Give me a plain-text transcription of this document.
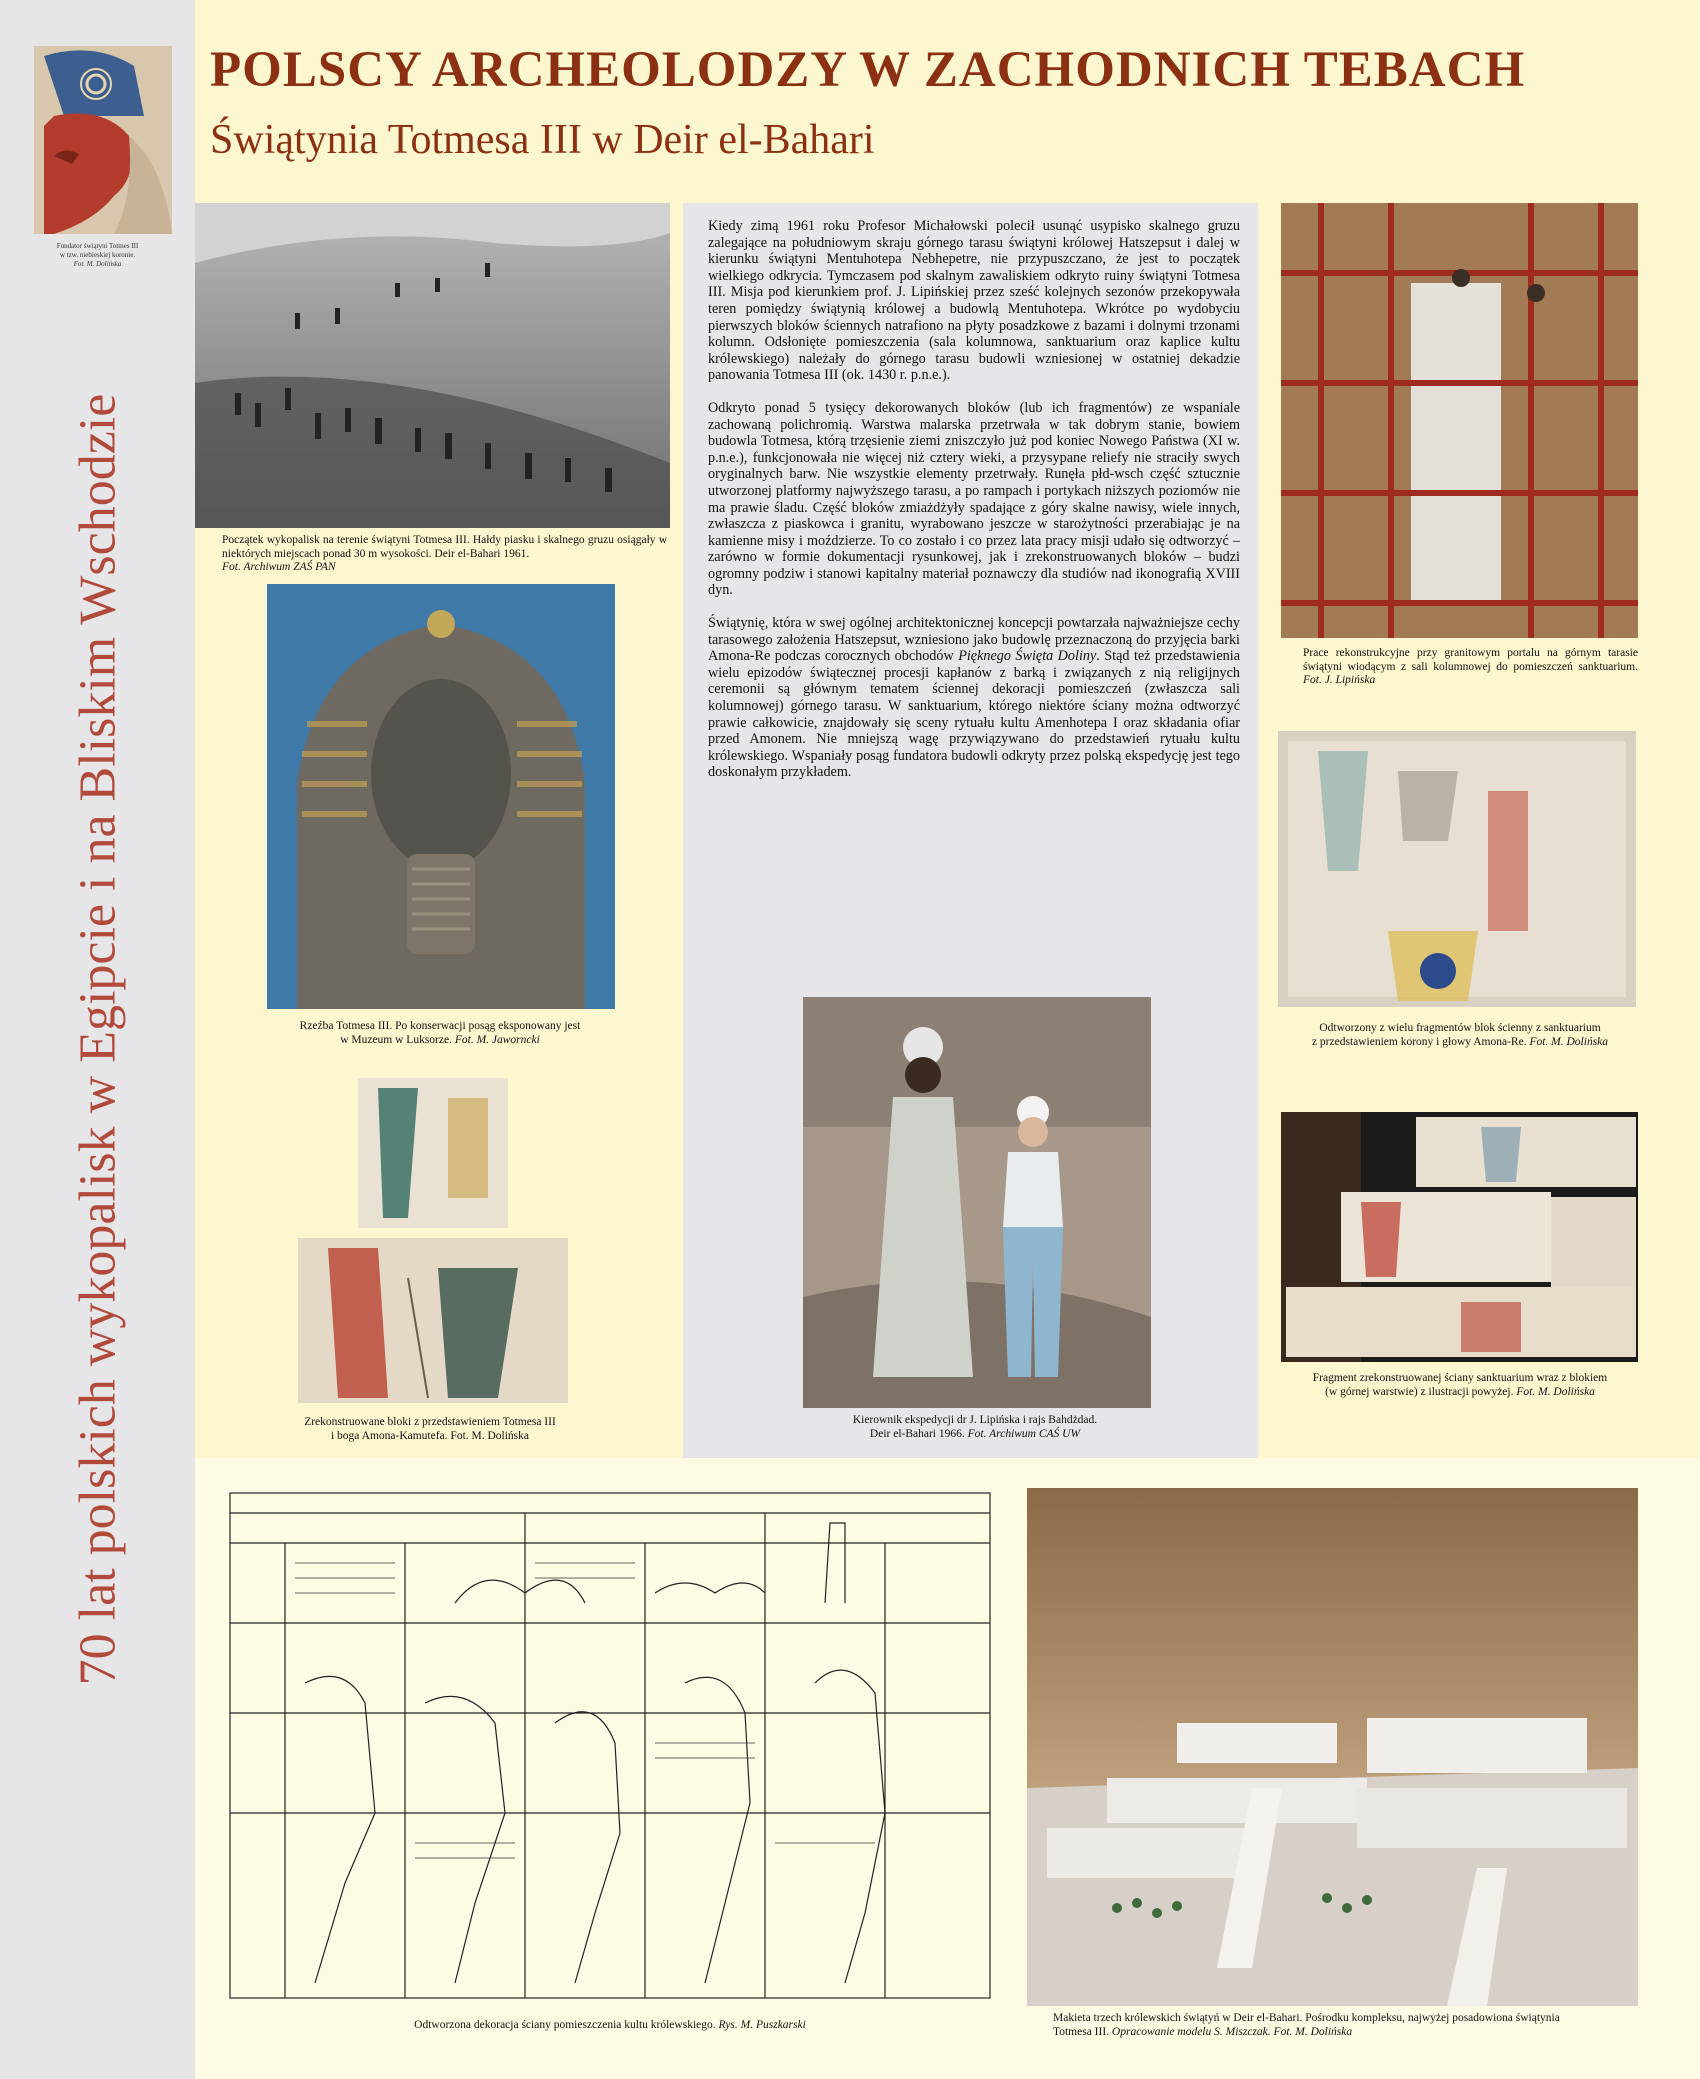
Fundator świątyni Totmes III
w tzw. niebieskiej koronie.
Fot. M. Dolińska
70 lat polskich wykopalisk w Egipcie i na Bliskim Wschodzie
POLSCY ARCHEOLODZY W ZACHODNICH TEBACH
Świątynia Totmesa III w Deir el-Bahari

Kiedy zimą 1961 roku Profesor Michałowski polecił usunąć usypisko skalnego gruzu zalegające na południowym skraju górnego tarasu świątyni królowej Hatszepsut i dalej w kierunku świątyni Mentuhotepa Nebhepetre, nie przypuszczano, że jest to początek wielkiego odkrycia. Tymczasem pod skalnym zawaliskiem odkryto ruiny świątyni Totmesa III. Misja pod kierunkiem prof. J. Lipińskiej przez sześć kolejnych sezonów przekopywała teren pomiędzy świątynią królowej a budowlą Mentuhotepa. Wkrótce po wydobyciu pierwszych bloków ściennych natrafiono na płyty posadzkowe z bazami i dolnymi trzonami kolumn. Odsłonięte pomieszczenia (sala kolumnowa, sanktuarium oraz kaplice kultu królewskiego) należały do górnego tarasu budowli wzniesionej w ostatniej dekadzie panowania Totmesa III (ok. 1430 r. p.n.e.).

Odkryto ponad 5 tysięcy dekorowanych bloków (lub ich fragmentów) ze wspaniale zachowaną polichromią. Warstwa malarska przetrwała w tak dobrym stanie, bowiem budowla Totmesa, którą trzęsienie ziemi zniszczyło już pod koniec Nowego Państwa (XI w. p.n.e.), funkcjonowała nie więcej niż cztery wieki, a przysypane reliefy nie straciły swych oryginalnych barw. Nie wszystkie elementy przetrwały. Runęła płd-wsch część sztucznie utworzonej platformy najwyższego tarasu, a po rampach i portykach niższych poziomów nie ma prawie śladu. Część bloków zmiażdżyły spadające z góry skalne nawisy, wiele innych, zwłaszcza z piaskowca i granitu, wyrabowano jeszcze w starożytności przerabiając je na kamienne misy i moździerze. To co zostało i co przez lata pracy misji udało się odtworzyć – zarówno w formie dokumentacji rysunkowej, jak i zrekonstruowanych bloków – budzi ogromny podziw i stanowi kapitalny materiał poznawczy dla studiów nad ikonografią XVIII dyn.

Świątynię, która w swej ogólnej architektonicznej koncepcji powtarzała najważniejsze cechy tarasowego założenia Hatszepsut, wzniesiono jako budowlę przeznaczoną do przyjęcia barki Amona-Re podczas corocznych obchodów Pięknego Święta Doliny. Stąd też przedstawienia wielu epizodów świątecznej procesji kapłanów z barką i związanych z nią religijnych ceremonii są głównym tematem ściennej dekoracji pomieszczeń (zwłaszcza sali kolumnowej) górnego tarasu. W sanktuarium, którego niektóre ściany można odtworzyć prawie całkowicie, znajdowały się sceny rytuału kultu Amenhotepa I oraz składania ofiar przed Amonem. Nie mniejszą wagę przywiązywano do przedstawień rytuału kultu królewskiego. Wspaniały posąg fundatora budowli odkryty przez polską ekspedycję jest tego doskonałym przykładem.

Początek wykopalisk na terenie świątyni Totmesa III. Hałdy piasku i skalnego gruzu osiągały w niektórych miejscach ponad 30 m wysokości. Deir el-Bahari 1961.
Fot. Archiwum ZAŚ PAN
Rzeźba Totmesa III. Po konserwacji posąg eksponowany jest
w Muzeum w Luksorze. Fot. M. Jaworncki
Zrekonstruowane bloki z przedstawieniem Totmesa III
i boga Amona-Kamutefa. Fot. M. Dolińska
Kierownik ekspedycji dr J. Lipińska i rajs Bahdżdad.
Deir el-Bahari 1966. Fot. Archiwum CAŚ UW
Prace rekonstrukcyjne przy granitowym portalu na górnym tarasie świątyni wiodącym z sali kolumnowej do pomieszczeń sanktuarium. Fot. J. Lipińska
Odtworzony z wielu fragmentów blok ścienny z sanktuarium
z przedstawieniem korony i głowy Amona-Re. Fot. M. Dolińska
Fragment zrekonstruowanej ściany sanktuarium wraz z blokiem
(w górnej warstwie) z ilustracji powyżej. Fot. M. Dolińska
Odtworzona dekoracja ściany pomieszczenia kultu królewskiego. Rys. M. Puszkarski
Makieta trzech królewskich świątyń w Deir el-Bahari. Pośrodku kompleksu, najwyżej posadowiona świątynia
Totmesa III. Opracowanie modelu S. Miszczak. Fot. M. Dolińska
